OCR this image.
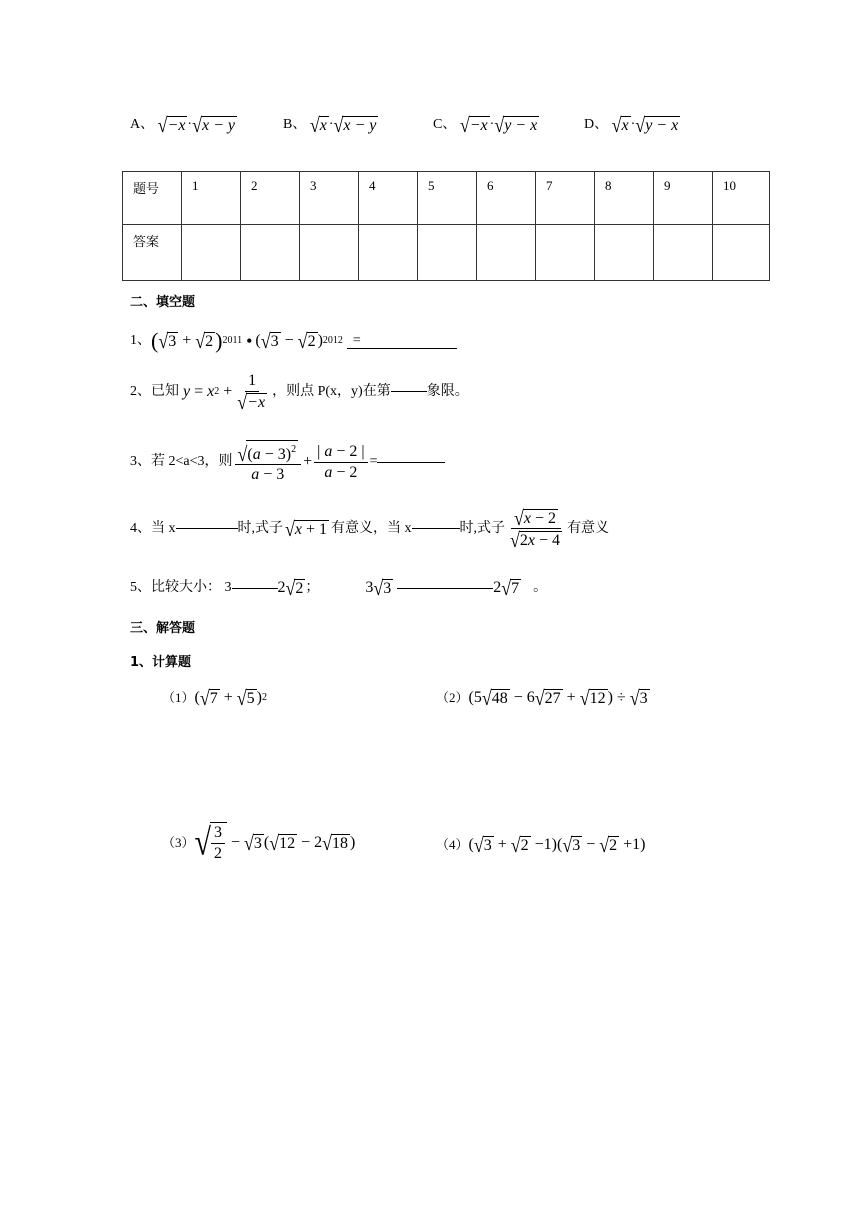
A、 √ −x · √ x − y	B、 √ x · √ x − y	C、 √ −x · √ y − x	D、 √ x · √ y − x
题号	1	2	3	4	5	6	7	8	9	10
答案										
二、填空题
1、 ( √ 3 + √ 2 ) 2011 • ( √ 3 − √ 2 ) 2012 =
2、已知 y = x $2 + \frac{1}{√ -x}$ ，则点 P(x，y)在第	象限。
3、若 2<a<3，则 $\frac{√ (a - 3)^2}{a - 3} + \frac{| a - 2 |}{a - 2}$ =
4、当 x	时,式子 √ x + 1 有意义，当 x	时,式子 $\frac{√ x - 2}{√ 2x - 4}$ 有意义
5、比较大小： 3	2 √ 2 ；	3 √ 3	2 √ 7 。
三、解答题
1、计算题
（1） ( √ 7 + √ 5 ) 2	（2） (5 √ 48 − 6 √ 27 + √ 12 ) ÷ √ 3
（3） √ $\frac{3}{2}$ − √ 3 ( √ 12 − 2 √ 18 )	（4） ( √ 3 + √ 2 −1)( √ 3 − √ 2 +1)
